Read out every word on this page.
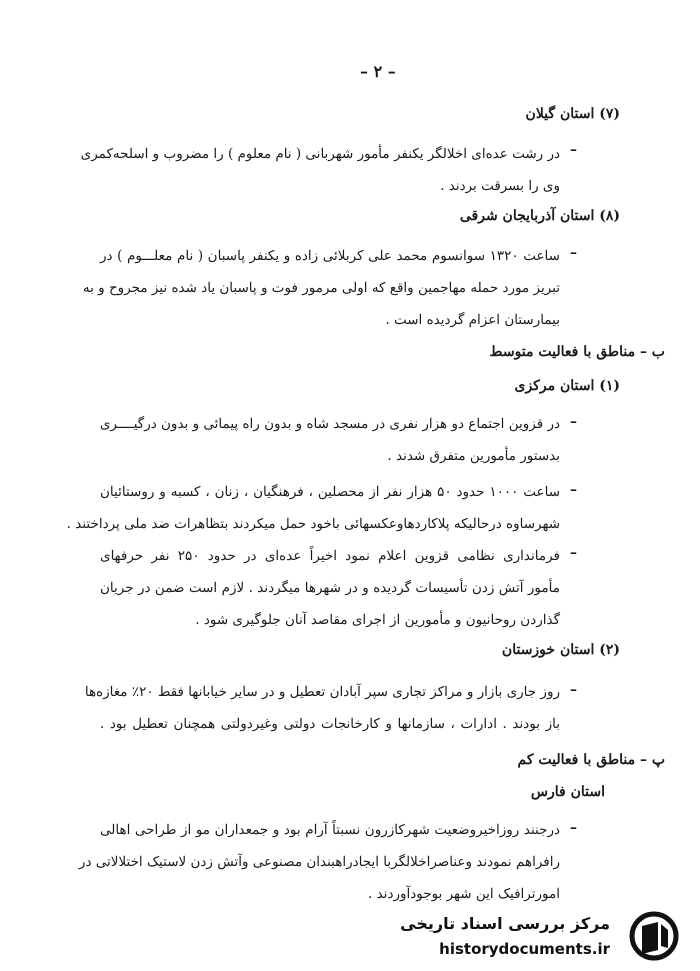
– ۲ –
(۷) استان گیلان
–
در رشت عده‌ای اخلالگر یکنفر مأمور شهربانی ( نام معلوم ) را مضروب و اسلحه‌کمری
وی را بسرقت بردند .
(۸) استان آذربایجان شرقی
–
ساعت ۱۳۲۰ سوانسوم محمد علی کربلائی زاده و یکنفر پاسبان ( نام معلـــوم ) در
تبریز مورد حمله مهاجمین واقع که اولی مرمور فوت و پاسبان یاد شده نیز مجروح و به
بیمارستان اعزام گردیده است .
ب – مناطق با فعالیت متوسط
(۱) استان مرکزی
–
در قزوین اجتماع دو هزار نفری در مسجد شاه و بدون راه پیمائی و بدون درگیــــری
بدستور مأمورین متفرق شدند .
–
ساعت ۱۰۰۰ حدود ۵۰ هزار نفر از محصلین ، فرهنگیان ، زنان ، کسبه و روستائیان
شهرساوه درحالیکه پلاکاردهاوعکسهائی باخود حمل میکردند بتظاهرات ضد ملی پرداختند .
–
فرمانداری نظامی قزوین اعلام نمود اخیراً عده‌ای در حدود ۲۵۰ نفر حرفهای
مأمور آتش زدن تأسیسات گردیده و در شهرها میگردند . لازم است ضمن در جریان
گذاردن روحانیون و مأمورین از اجرای مقاصد آنان جلوگیری شود .
(۲) استان خوزستان
–
روز جاری بازار و مراکز تجاری سپر آبادان تعطیل و در سایر خیابانها فقط ۲۰٪ مغازه‌ها
باز بودند . ادارات ، سازمانها و کارخانجات دولتی وغیردولتی همچنان تعطیل بود .
پ – مناطق با فعالیت کم
استان فارس
–
درجنند روزاخیروضعیت شهرکازرون نسبتاً آرام بود و جمعداران مو از طراحی اهالی
رافراهم نمودند وعناصراخلالگربا ایجادراهبندان مصنوعی وآتش زدن لاستیک اختلالاتی در
امورترافیک این شهر بوجودآوردند .
مرکز بررسی اسناد تاریخی
historydocuments.ir
